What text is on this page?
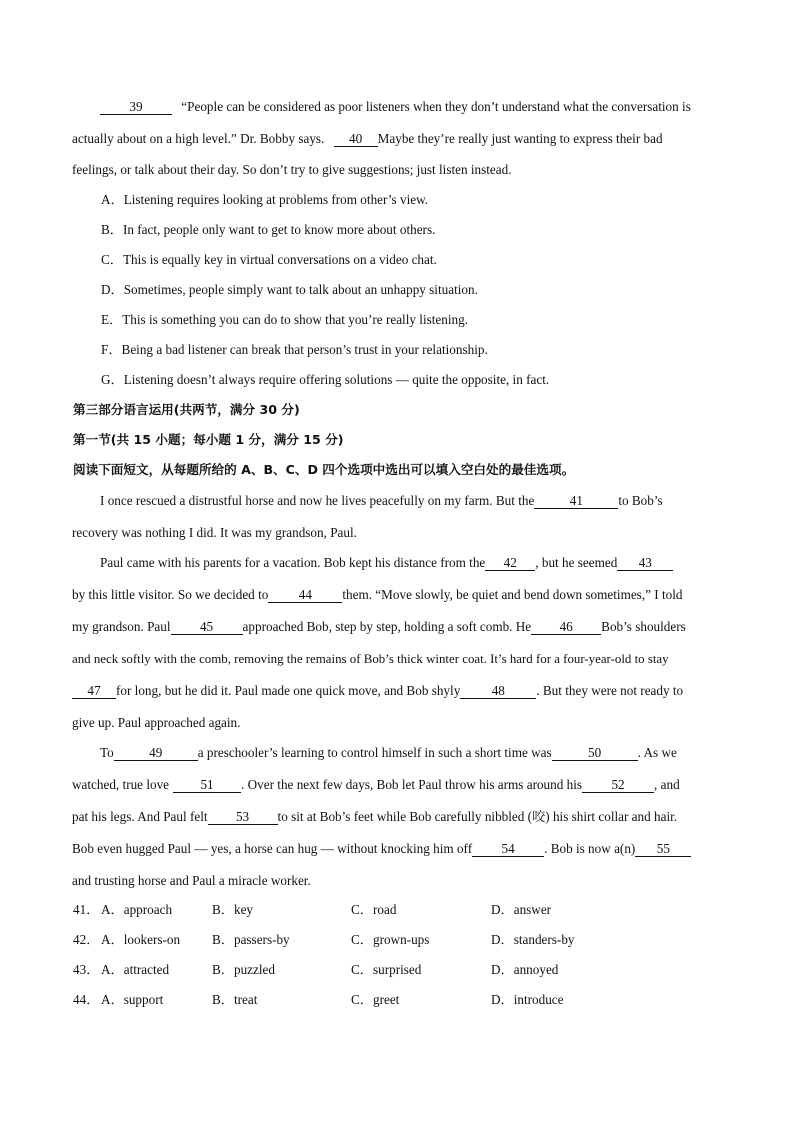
39	“People can be considered as poor listeners when they don’t understand what the conversation is
actually about on a high level.” Dr. Bobby says. 40 Maybe they’re really just wanting to express their bad
feelings, or talk about their day. So don’t try to give suggestions; just listen instead.
A．Listening requires looking at problems from other’s view.
B．In fact, people only want to get to know more about others.
C．This is equally key in virtual conversations on a video chat.
D．Sometimes, people simply want to talk about an unhappy situation.
E．This is something you can do to show that you’re really listening.
F．Being a bad listener can break that person’s trust in your relationship.
G．Listening doesn’t always require offering solutions — quite the opposite, in fact.
第三部分语言运用(共两节，满分 30 分)
第一节(共 15 小题；每小题 1 分，满分 15 分)
阅读下面短文，从每题所给的 A、B、C、D 四个选项中选出可以填入空白处的最佳选项。
I once rescued a distrustful horse and now he lives peacefully on my farm. But the	41	to Bob’s
recovery was nothing I did. It was my grandson, Paul.
Paul came with his parents for a vacation. Bob kept his distance from the 42 , but he seemed 43
by this little visitor. So we decided to 44 them. “Move slowly, be quiet and bend down sometimes,” I told
my grandson. Paul 45 approached Bob, step by step, holding a soft comb. He 46 Bob’s shoulders
and neck softly with the comb, removing the remains of Bob’s thick winter coat. It’s hard for a four-year-old to stay
47 for long, but he did it. Paul made one quick move, and Bob shyly 48 . But they were not ready to
give up. Paul approached again.
To	49	a preschooler’s learning to control himself in such a short time was	50	. As we
watched, true love 51 . Over the next few days, Bob let Paul throw his arms around his 52 , and
pat his legs. And Paul felt 53 to sit at Bob’s feet while Bob carefully nibbled (咬) his shirt collar and hair.
Bob even hugged Paul — yes, a horse can hug — without knocking him off 54 . Bob is now a(n) 55
and trusting horse and Paul a miracle worker.
41． A．approach	B．key	C．road	D．answer
42． A．lookers-on B．passers-by	C．grown-ups	D．standers-by
43． A．attracted	B．puzzled	C．surprised	D．annoyed
44． A．support	B．treat	C．greet	D．introduce
